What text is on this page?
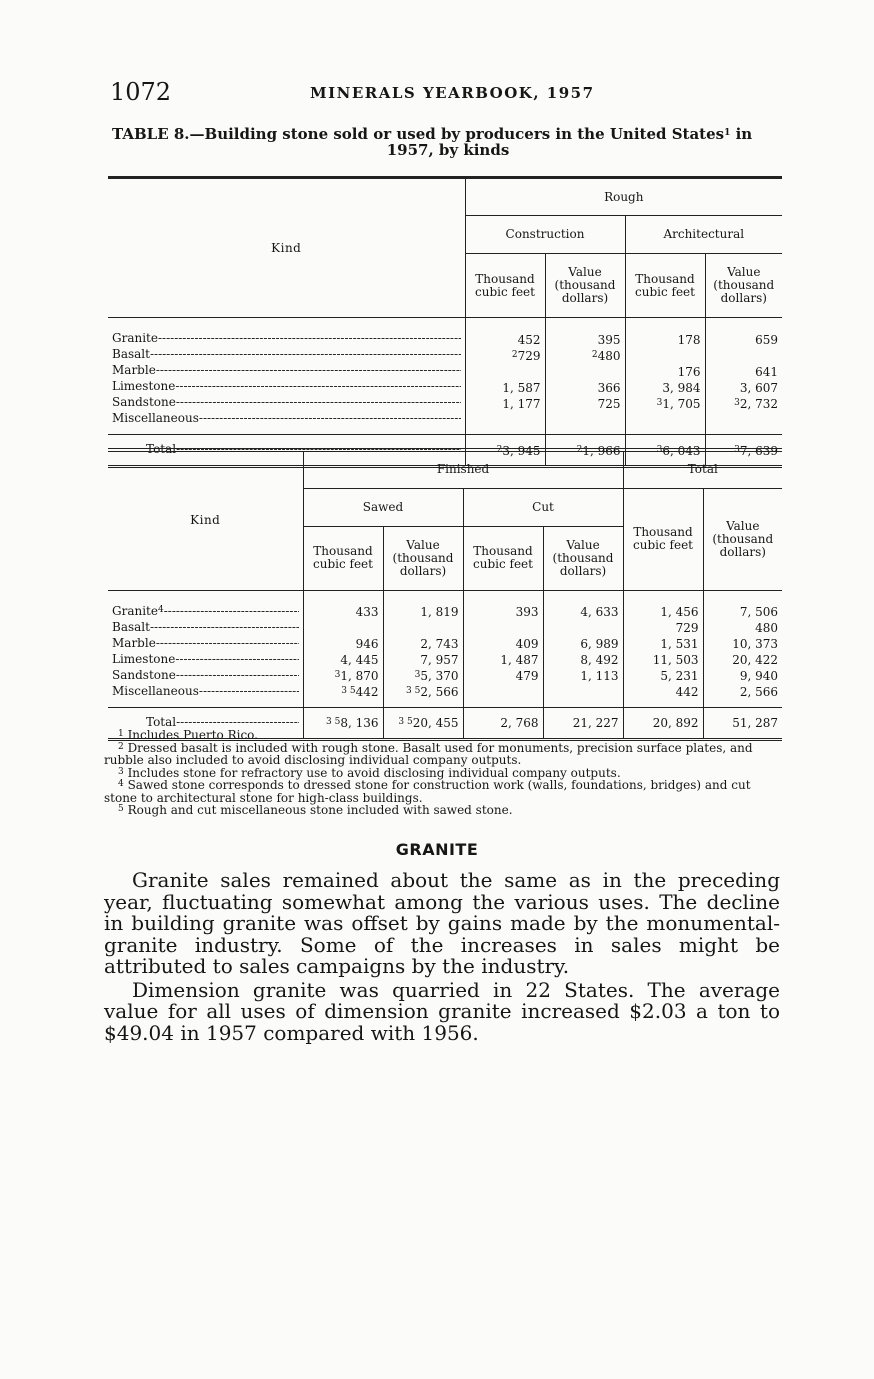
1072	MINERALS YEARBOOK, 1957
TABLE 8.—Building stone sold or used by producers in the United States$^1$ in
1957, by kinds
Kind	Rough			
	Construction		Architectural	
	Thousand cubic feet	Value (thousand dollars)	Thousand cubic feet	Value (thousand dollars)
Granite -----	452	395	178	659
Basalt -----	$^2$729	$^2$480		
Marble -----			176	641
Limestone -----	1, 587	366	3, 984	3, 607
Sandstone -----	1, 177	725	$^3$1, 705	$^3$2, 732
Miscellaneous -----				
Total -----	$^2$3, 945	$^2$1, 966	$^3$6, 043	$^3$7, 639
Kind	Finished				Total	
	Sawed		Cut		Thousand cubic feet	Value (thousand dollars)
	Thousand cubic feet	Value (thousand dollars)	Thousand cubic feet	Value (thousand dollars)		
Granite$^4$ -----	433	1, 819	393	4, 633	1, 456	7, 506
Basalt -----					729	480
Marble -----	946	2, 743	409	6, 989	1, 531	10, 373
Limestone -----	4, 445	7, 957	1, 487	8, 492	11, 503	20, 422
Sandstone -----	$^3$1, 870	$^3$5, 370	479	1, 113	5, 231	9, 940
Miscellaneous -----	$^{3 5}$442	$^{3 5}$2, 566			442	2, 566
Total -----	$^{3 5}$8, 136	$^{3 5}$20, 455	2, 768	21, 227	20, 892	51, 287

$^1$ Includes Puerto Rico.

$^2$ Dressed basalt is included with rough stone. Basalt used for monuments, precision surface plates, and rubble also included to avoid disclosing individual company outputs.

$^3$ Includes stone for refractory use to avoid disclosing individual company outputs.

$^4$ Sawed stone corresponds to dressed stone for construction work (walls, foundations, bridges) and cut stone to architectural stone for high-class buildings.

$^5$ Rough and cut miscellaneous stone included with sawed stone.

GRANITE

Granite sales remained about the same as in the preceding year, fluctuating somewhat among the various uses. The decline in building granite was offset by gains made by the monumental-granite industry. Some of the increases in sales might be attributed to sales campaigns by the industry.

Dimension granite was quarried in 22 States. The average value for all uses of dimension granite increased $2.03 a ton to $49.04 in 1957 compared with 1956.
